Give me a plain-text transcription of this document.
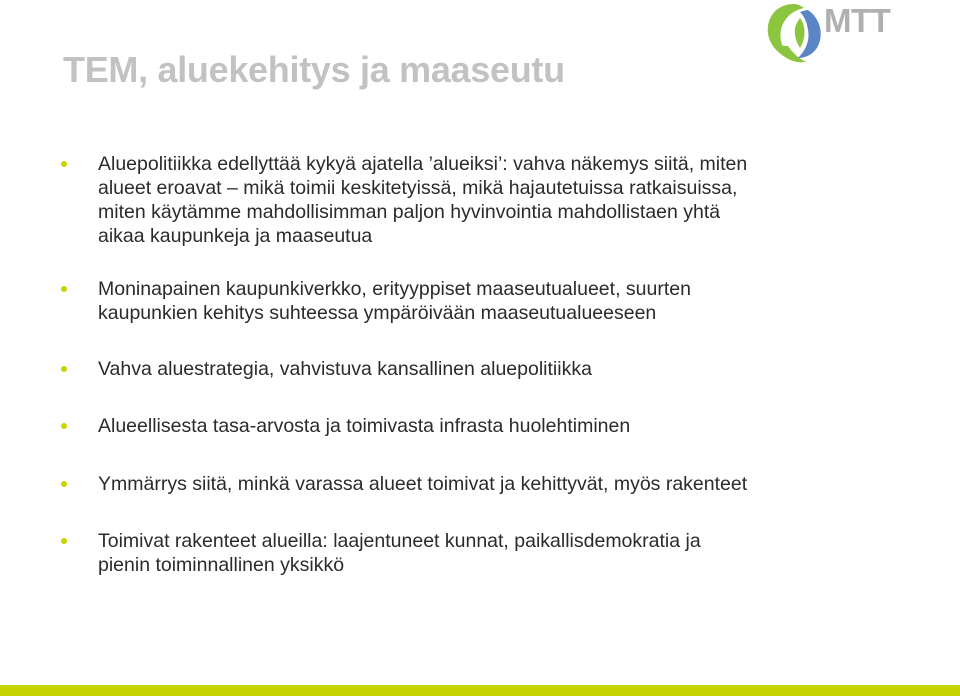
TEM, aluekehitys ja maaseutu
MTT
Aluepolitiikka edellyttää kykyä ajatella ’alueiksi’: vahva näkemys siitä, miten
alueet eroavat – mikä toimii keskitetyissä, mikä hajautetuissa ratkaisuissa,
miten käytämme mahdollisimman paljon hyvinvointia mahdollistaen yhtä
aikaa kaupunkeja ja maaseutua
Moninapainen kaupunkiverkko, erityyppiset maaseutualueet, suurten
kaupunkien kehitys suhteessa ympäröivään maaseutualueeseen
Vahva aluestrategia, vahvistuva kansallinen aluepolitiikka
Alueellisesta tasa-arvosta ja toimivasta infrasta huolehtiminen
Ymmärrys siitä, minkä varassa alueet toimivat ja kehittyvät, myös rakenteet
Toimivat rakenteet alueilla: laajentuneet kunnat, paikallisdemokratia ja
pienin toiminnallinen yksikkö
